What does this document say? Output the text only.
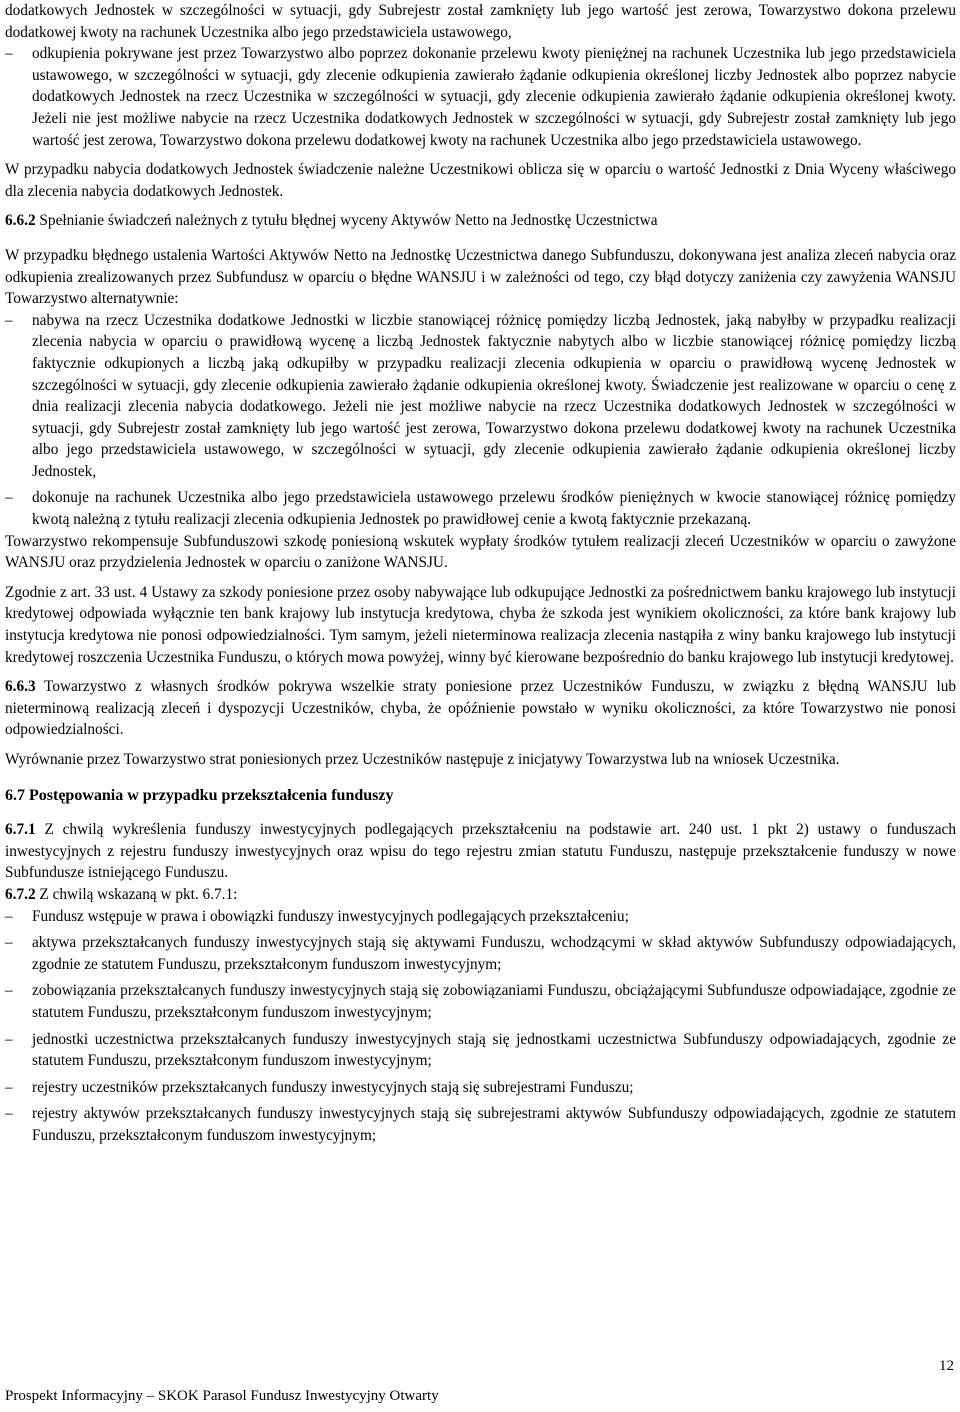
dodatkowych Jednostek w szczególności w sytuacji, gdy Subrejestr został zamknięty lub jego wartość jest zerowa, Towarzystwo dokona przelewu dodatkowej kwoty na rachunek Uczestnika albo jego przedstawiciela ustawowego,

– odkupienia pokrywane jest przez Towarzystwo albo poprzez dokonanie przelewu kwoty pieniężnej na rachunek Uczestnika lub jego przedstawiciela ustawowego, w szczególności w sytuacji, gdy zlecenie odkupienia zawierało żądanie odkupienia określonej liczby Jednostek albo poprzez nabycie dodatkowych Jednostek na rzecz Uczestnika w szczególności w sytuacji, gdy zlecenie odkupienia zawierało żądanie odkupienia określonej kwoty. Jeżeli nie jest możliwe nabycie na rzecz Uczestnika dodatkowych Jednostek w szczególności w sytuacji, gdy Subrejestr został zamknięty lub jego wartość jest zerowa, Towarzystwo dokona przelewu dodatkowej kwoty na rachunek Uczestnika albo jego przedstawiciela ustawowego.

W przypadku nabycia dodatkowych Jednostek świadczenie należne Uczestnikowi oblicza się w oparciu o wartość Jednostki z Dnia Wyceny właściwego dla zlecenia nabycia dodatkowych Jednostek.

6.6.2 Spełnianie świadczeń należnych z tytułu błędnej wyceny Aktywów Netto na Jednostkę Uczestnictwa

W przypadku błędnego ustalenia Wartości Aktywów Netto na Jednostkę Uczestnictwa danego Subfunduszu, dokonywana jest analiza zleceń nabycia oraz odkupienia zrealizowanych przez Subfundusz w oparciu o błędne WANSJU i w zależności od tego, czy błąd dotyczy zaniżenia czy zawyżenia WANSJU Towarzystwo alternatywnie:

– nabywa na rzecz Uczestnika dodatkowe Jednostki w liczbie stanowiącej różnicę pomiędzy liczbą Jednostek, jaką nabyłby w przypadku realizacji zlecenia nabycia w oparciu o prawidłową wycenę a liczbą Jednostek faktycznie nabytych albo w liczbie stanowiącej różnicę pomiędzy liczbą faktycznie odkupionych a liczbą jaką odkupiłby w przypadku realizacji zlecenia odkupienia w oparciu o prawidłową wycenę Jednostek w szczególności w sytuacji, gdy zlecenie odkupienia zawierało żądanie odkupienia określonej kwoty. Świadczenie jest realizowane w oparciu o cenę z dnia realizacji zlecenia nabycia dodatkowego. Jeżeli nie jest możliwe nabycie na rzecz Uczestnika dodatkowych Jednostek w szczególności w sytuacji, gdy Subrejestr został zamknięty lub jego wartość jest zerowa, Towarzystwo dokona przelewu dodatkowej kwoty na rachunek Uczestnika albo jego przedstawiciela ustawowego, w szczególności w sytuacji, gdy zlecenie odkupienia zawierało żądanie odkupienia określonej liczby Jednostek,
– dokonuje na rachunek Uczestnika albo jego przedstawiciela ustawowego przelewu środków pieniężnych w kwocie stanowiącej różnicę pomiędzy kwotą należną z tytułu realizacji zlecenia odkupienia Jednostek po prawidłowej cenie a kwotą faktycznie przekazaną.

Towarzystwo rekompensuje Subfunduszowi szkodę poniesioną wskutek wypłaty środków tytułem realizacji zleceń Uczestników w oparciu o zawyżone WANSJU oraz przydzielenia Jednostek w oparciu o zaniżone WANSJU.

Zgodnie z art. 33 ust. 4 Ustawy za szkody poniesione przez osoby nabywające lub odkupujące Jednostki za pośrednictwem banku krajowego lub instytucji kredytowej odpowiada wyłącznie ten bank krajowy lub instytucja kredytowa, chyba że szkoda jest wynikiem okoliczności, za które bank krajowy lub instytucja kredytowa nie ponosi odpowiedzialności. Tym samym, jeżeli nieterminowa realizacja zlecenia nastąpiła z winy banku krajowego lub instytucji kredytowej roszczenia Uczestnika Funduszu, o których mowa powyżej, winny być kierowane bezpośrednio do banku krajowego lub instytucji kredytowej.

6.6.3 Towarzystwo z własnych środków pokrywa wszelkie straty poniesione przez Uczestników Funduszu, w związku z błędną WANSJU lub nieterminową realizacją zleceń i dyspozycji Uczestników, chyba, że opóźnienie powstało w wyniku okoliczności, za które Towarzystwo nie ponosi odpowiedzialności.

Wyrównanie przez Towarzystwo strat poniesionych przez Uczestników następuje z inicjatywy Towarzystwa lub na wniosek Uczestnika.

6.7 Postępowania w przypadku przekształcenia funduszy

6.7.1 Z chwilą wykreślenia funduszy inwestycyjnych podlegających przekształceniu na podstawie art. 240 ust. 1 pkt 2) ustawy o funduszach inwestycyjnych z rejestru funduszy inwestycyjnych oraz wpisu do tego rejestru zmian statutu Funduszu, następuje przekształcenie funduszy w nowe Subfundusze istniejącego Funduszu.

6.7.2 Z chwilą wskazaną w pkt. 6.7.1:

– Fundusz wstępuje w prawa i obowiązki funduszy inwestycyjnych podlegających przekształceniu;
– aktywa przekształcanych funduszy inwestycyjnych stają się aktywami Funduszu, wchodzącymi w skład aktywów Subfunduszy odpowiadających, zgodnie ze statutem Funduszu, przekształconym funduszom inwestycyjnym;
– zobowiązania przekształcanych funduszy inwestycyjnych stają się zobowiązaniami Funduszu, obciążającymi Subfundusze odpowiadające, zgodnie ze statutem Funduszu, przekształconym funduszom inwestycyjnym;
– jednostki uczestnictwa przekształcanych funduszy inwestycyjnych stają się jednostkami uczestnictwa Subfunduszy odpowiadających, zgodnie ze statutem Funduszu, przekształconym funduszom inwestycyjnym;
– rejestry uczestników przekształcanych funduszy inwestycyjnych stają się subrejestrami Funduszu;
– rejestry aktywów przekształcanych funduszy inwestycyjnych stają się subrejestrami aktywów Subfunduszy odpowiadających, zgodnie ze statutem Funduszu, przekształconym funduszom inwestycyjnym;
12
Prospekt Informacyjny – SKOK Parasol Fundusz Inwestycyjny Otwarty
